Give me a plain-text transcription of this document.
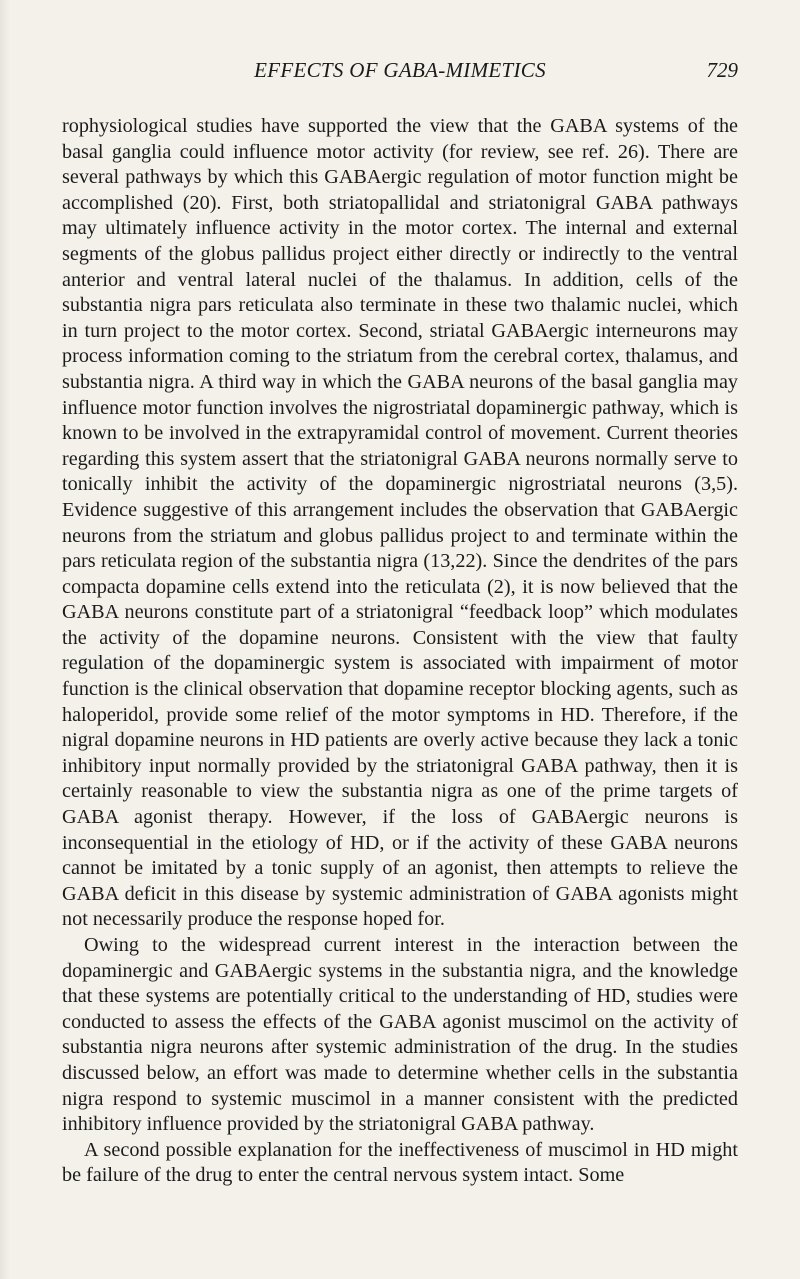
EFFECTS OF GABA-MIMETICS	729

rophysiological studies have supported the view that the GABA systems of the basal ganglia could influence motor activity (for review, see ref. 26). There are several pathways by which this GABAergic regulation of motor function might be accomplished (20). First, both striatopallidal and striatonigral GABA pathways may ultimately influence activity in the motor cortex. The internal and external segments of the globus pallidus project either directly or indirectly to the ventral anterior and ventral lateral nuclei of the thalamus. In addition, cells of the substantia nigra pars reticulata also terminate in these two thalamic nuclei, which in turn project to the motor cortex. Second, striatal GABAergic interneurons may process information coming to the striatum from the cerebral cortex, thalamus, and substantia nigra. A third way in which the GABA neurons of the basal ganglia may influence motor function involves the nigrostriatal dopaminergic pathway, which is known to be involved in the extrapyramidal control of movement. Current theories regarding this system assert that the striatonigral GABA neurons normally serve to tonically inhibit the activity of the dopaminergic nigrostriatal neurons (3,5). Evidence suggestive of this arrangement includes the observation that GABAergic neurons from the striatum and globus pallidus project to and terminate within the pars reticulata region of the substantia nigra (13,22). Since the dendrites of the pars compacta dopamine cells extend into the reticulata (2), it is now believed that the GABA neurons constitute part of a striatonigral “feedback loop” which modulates the activity of the dopamine neurons. Consistent with the view that faulty regulation of the dopaminergic system is associated with impairment of motor function is the clinical observation that dopamine receptor blocking agents, such as haloperidol, provide some relief of the motor symptoms in HD. Therefore, if the nigral dopamine neurons in HD patients are overly active because they lack a tonic inhibitory input normally provided by the striatonigral GABA pathway, then it is certainly reasonable to view the substantia nigra as one of the prime targets of GABA agonist therapy. However, if the loss of GABAergic neurons is inconsequential in the etiology of HD, or if the activity of these GABA neurons cannot be imitated by a tonic supply of an agonist, then attempts to relieve the GABA deficit in this disease by systemic administration of GABA agonists might not necessarily produce the response hoped for.

Owing to the widespread current interest in the interaction between the dopaminergic and GABAergic systems in the substantia nigra, and the knowledge that these systems are potentially critical to the understanding of HD, studies were conducted to assess the effects of the GABA agonist muscimol on the activity of substantia nigra neurons after systemic administration of the drug. In the studies discussed below, an effort was made to determine whether cells in the substantia nigra respond to systemic muscimol in a manner consistent with the predicted inhibitory influence provided by the striatonigral GABA pathway.

A second possible explanation for the ineffectiveness of muscimol in HD might be failure of the drug to enter the central nervous system intact. Some
